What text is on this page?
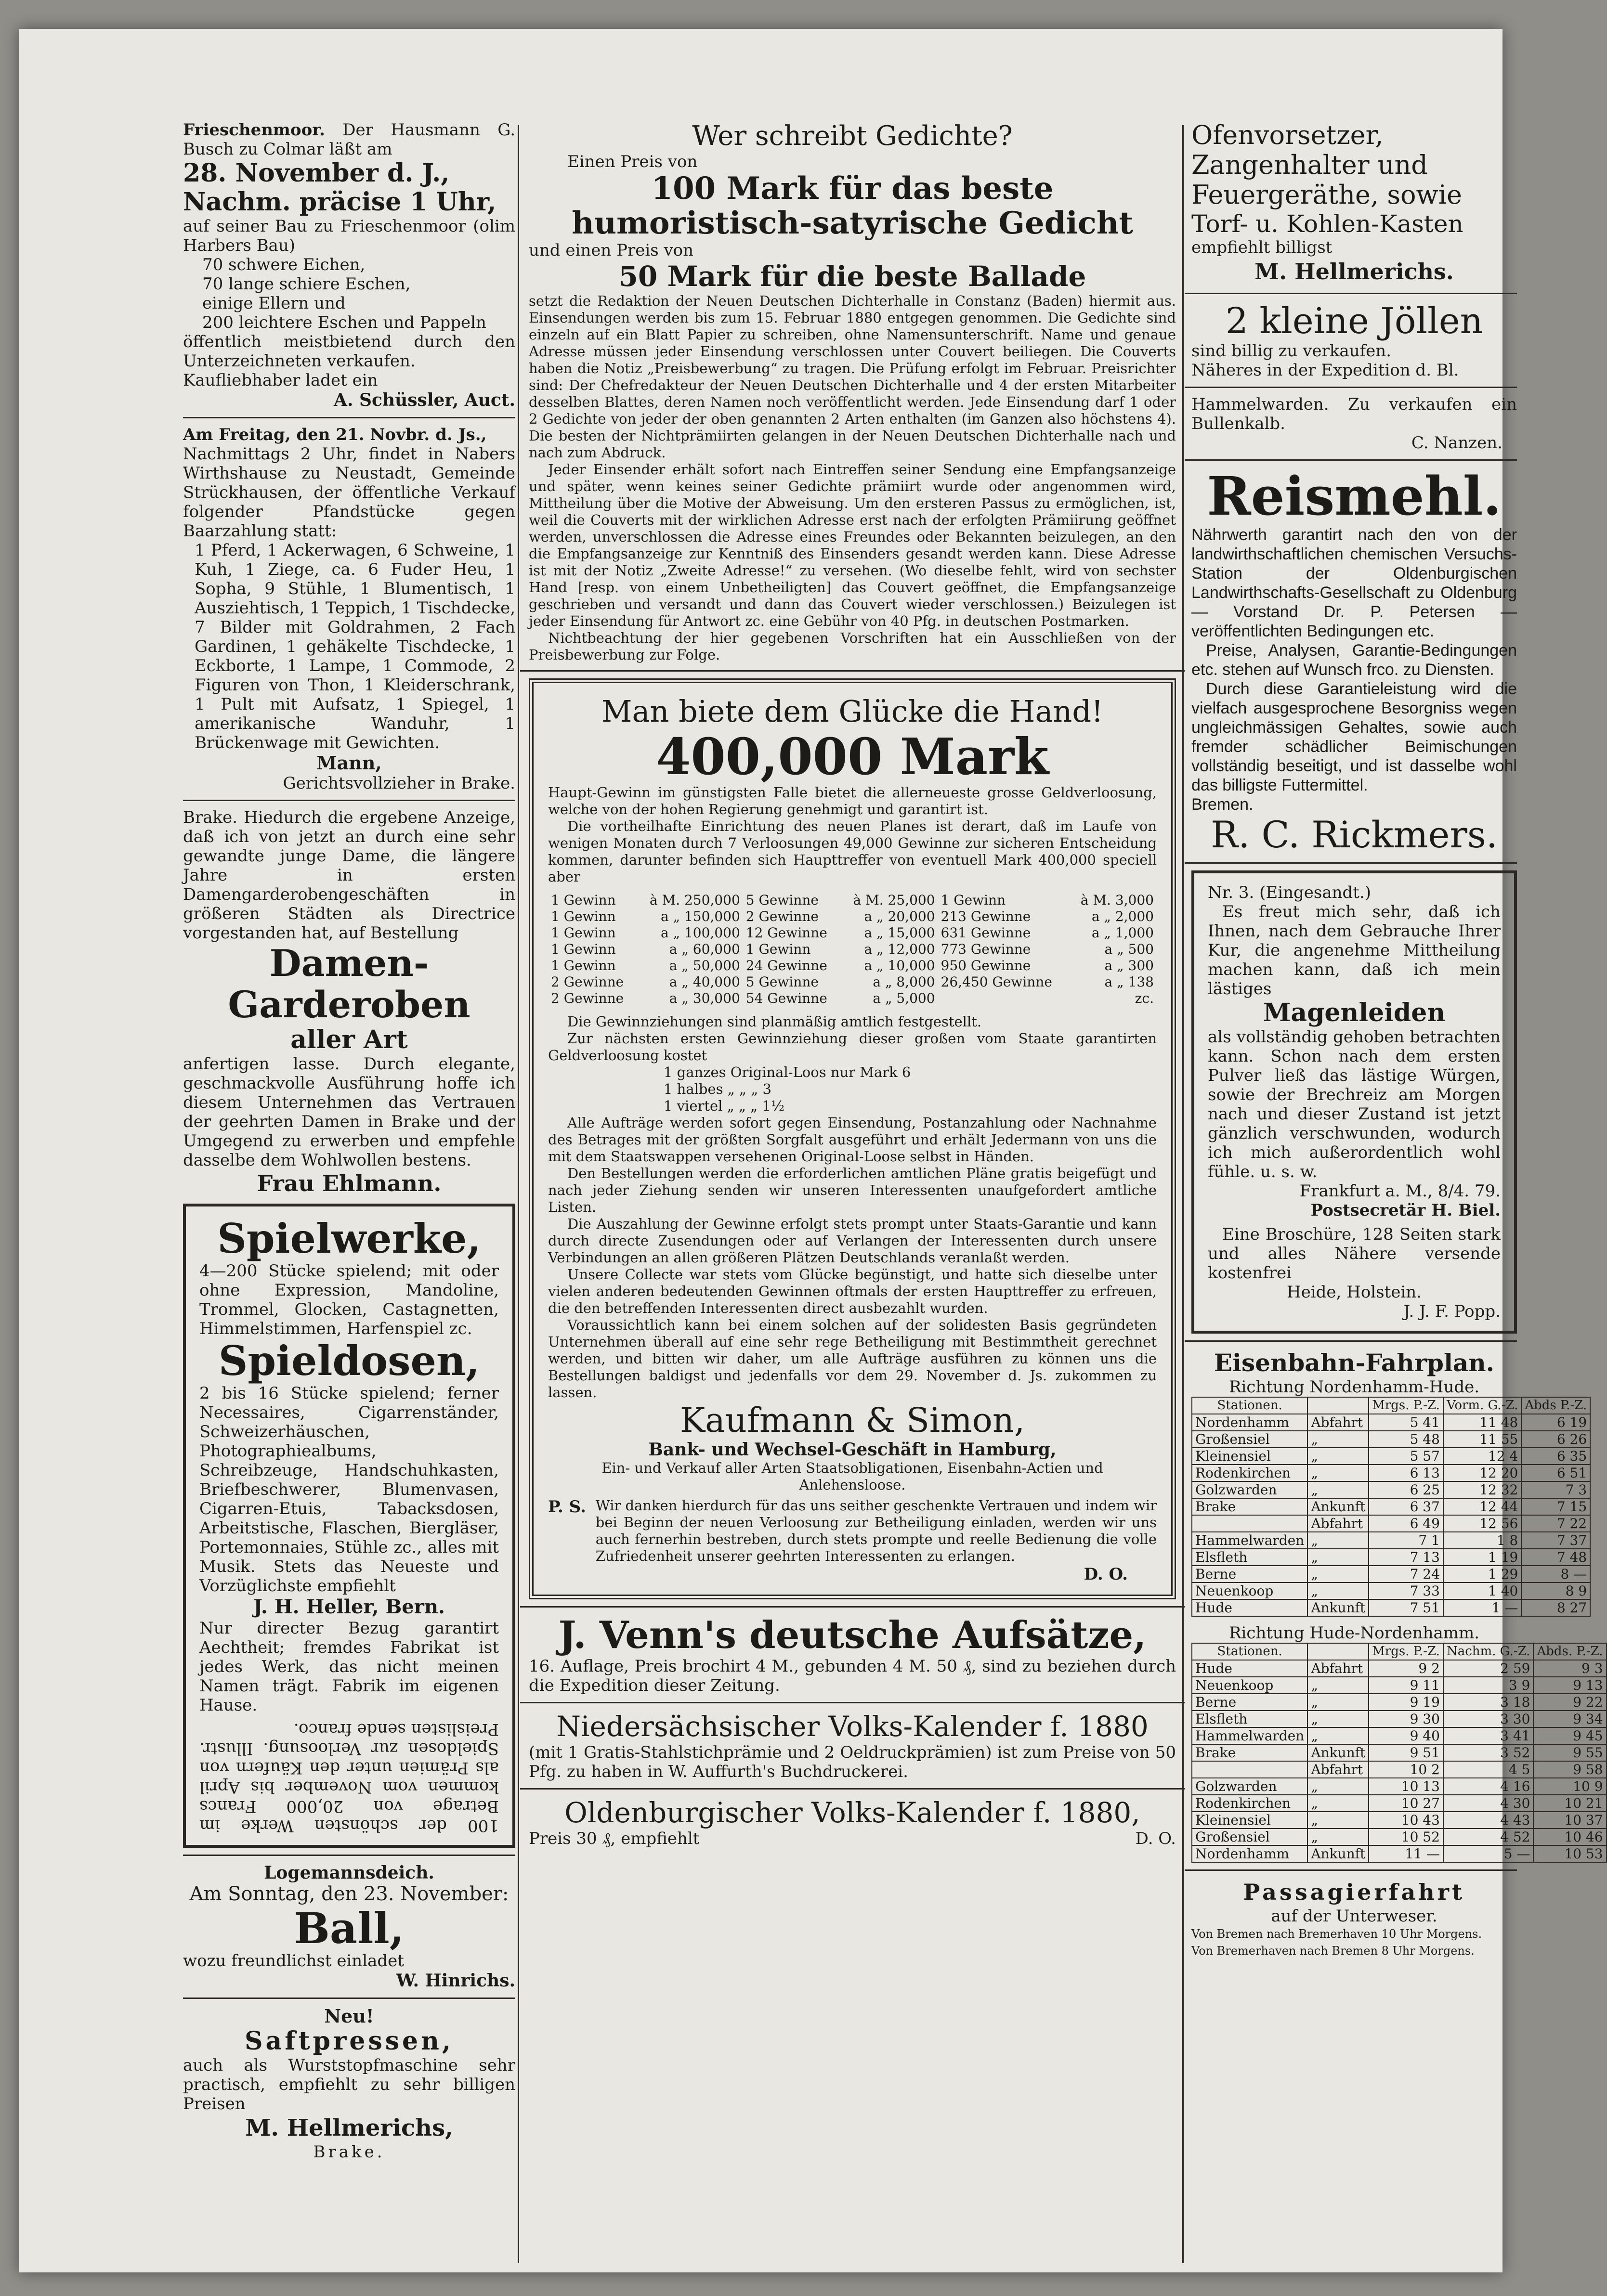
Frieschenmoor. Der Hausmann G. Busch zu Colmar läßt am

28. November d. J.,

Nachm. präcise 1 Uhr,

auf seiner Bau zu Frieschenmoor (olim Harbers Bau)

70 schwere Eichen,

70 lange schiere Eschen,

einige Ellern und

200 leichtere Eschen und Pappeln

öffentlich meistbietend durch den Unterzeichneten verkaufen.

Kaufliebhaber ladet ein

A. Schüssler, Auct.

Am Freitag, den 21. Novbr. d. Js.,

Nachmittags 2 Uhr, findet in Nabers Wirthshause zu Neustadt, Gemeinde Strückhausen, der öffentliche Verkauf folgender Pfandstücke gegen Baarzahlung statt:

1 Pferd, 1 Ackerwagen, 6 Schweine, 1 Kuh, 1 Ziege, ca. 6 Fuder Heu, 1 Sopha, 9 Stühle, 1 Blumentisch, 1 Ausziehtisch, 1 Teppich, 1 Tischdecke, 7 Bilder mit Goldrahmen, 2 Fach Gardinen, 1 gehäkelte Tischdecke, 1 Eckborte, 1 Lampe, 1 Commode, 2 Figuren von Thon, 1 Kleiderschrank, 1 Pult mit Aufsatz, 1 Spiegel, 1 amerikanische Wanduhr, 1 Brückenwage mit Gewichten.

Mann,

Gerichtsvollzieher in Brake.

Brake. Hiedurch die ergebene Anzeige, daß ich von jetzt an durch eine sehr gewandte junge Dame, die längere Jahre in ersten Damengarderobengeschäften in größeren Städten als Directrice vorgestanden hat, auf Bestellung

Damen-Garderoben

aller Art

anfertigen lasse. Durch elegante, geschmackvolle Ausführung hoffe ich diesem Unternehmen das Vertrauen der geehrten Damen in Brake und der Umgegend zu erwerben und empfehle dasselbe dem Wohlwollen bestens.

Frau Ehlmann.

Spielwerke,

4—200 Stücke spielend; mit oder ohne Expression, Mandoline, Trommel, Glocken, Castagnetten, Himmelstimmen, Harfenspiel zc.

Spieldosen,

2 bis 16 Stücke spielend; ferner Necessaires, Cigarrenständer, Schweizerhäuschen, Photographiealbums, Schreibzeuge, Handschuhkasten, Briefbeschwerer, Blumenvasen, Cigarren-Etuis, Tabacksdosen, Arbeitstische, Flaschen, Biergläser, Portemonnaies, Stühle zc., alles mit Musik. Stets das Neueste und Vorzüglichste empfiehlt

J. H. Heller, Bern.

Nur directer Bezug garantirt Aechtheit; fremdes Fabrikat ist jedes Werk, das nicht meinen Namen trägt. Fabrik im eigenen Hause.

100 der schönsten Werke im Betrage von 20,000 Francs kommen vom November bis April als Prämien unter den Käufern von Spieldosen zur Verloosung. Illustr. Preislisten sende franco.

Logemannsdeich.

Am Sonntag, den 23. November:

Ball,

wozu freundlichst einladet

W. Hinrichs.

Neu!

Saftpressen,

auch als Wurststopfmaschine sehr practisch, empfiehlt zu sehr billigen Preisen

M. Hellmerichs,

Brake.

Wer schreibt Gedichte?

Einen Preis von

100 Mark für das beste humoristisch-satyrische Gedicht

und einen Preis von

50 Mark für die beste Ballade

setzt die Redaktion der Neuen Deutschen Dichterhalle in Constanz (Baden) hiermit aus. Einsendungen werden bis zum 15. Februar 1880 entgegen genommen. Die Gedichte sind einzeln auf ein Blatt Papier zu schreiben, ohne Namensunterschrift. Name und genaue Adresse müssen jeder Einsendung verschlossen unter Couvert beiliegen. Die Couverts haben die Notiz „Preisbewerbung“ zu tragen. Die Prüfung erfolgt im Februar. Preisrichter sind: Der Chefredakteur der Neuen Deutschen Dichterhalle und 4 der ersten Mitarbeiter desselben Blattes, deren Namen noch veröffentlicht werden. Jede Einsendung darf 1 oder 2 Gedichte von jeder der oben genannten 2 Arten enthalten (im Ganzen also höchstens 4). Die besten der Nichtprämiirten gelangen in der Neuen Deutschen Dichterhalle nach und nach zum Abdruck.

Jeder Einsender erhält sofort nach Eintreffen seiner Sendung eine Empfangsanzeige und später, wenn keines seiner Gedichte prämiirt wurde oder angenommen wird, Mittheilung über die Motive der Abweisung. Um den ersteren Passus zu ermöglichen, ist, weil die Couverts mit der wirklichen Adresse erst nach der erfolgten Prämiirung geöffnet werden, unverschlossen die Adresse eines Freundes oder Bekannten beizulegen, an den die Empfangsanzeige zur Kenntniß des Einsenders gesandt werden kann. Diese Adresse ist mit der Notiz „Zweite Adresse!“ zu versehen. (Wo dieselbe fehlt, wird von sechster Hand [resp. von einem Unbetheiligten] das Couvert geöffnet, die Empfangsanzeige geschrieben und versandt und dann das Couvert wieder verschlossen.) Beizulegen ist jeder Einsendung für Antwort zc. eine Gebühr von 40 Pfg. in deutschen Postmarken.

Nichtbeachtung der hier gegebenen Vorschriften hat ein Ausschließen von der Preisbewerbung zur Folge.

Man biete dem Glücke die Hand!

400,000 Mark

Haupt-Gewinn im günstigsten Falle bietet die allerneueste grosse Geldverloosung, welche von der hohen Regierung genehmigt und garantirt ist.

Die vortheilhafte Einrichtung des neuen Planes ist derart, daß im Laufe von wenigen Monaten durch 7 Verloosungen 49,000 Gewinne zur sicheren Entscheidung kommen, darunter befinden sich Haupttreffer von eventuell Mark 400,000 speciell aber

1 Gewinn	à M. 250,000	5 Gewinne	à M. 25,000	1 Gewinn	à M. 3,000
1 Gewinn	a „ 150,000	2 Gewinne	a „ 20,000	213 Gewinne	a „ 2,000
1 Gewinn	a „ 100,000	12 Gewinne	a „ 15,000	631 Gewinne	a „ 1,000
1 Gewinn	a „ 60,000	1 Gewinn	a „ 12,000	773 Gewinne	a „ 500
1 Gewinn	a „ 50,000	24 Gewinne	a „ 10,000	950 Gewinne	a „ 300
2 Gewinne	a „ 40,000	5 Gewinne	a „ 8,000	26,450 Gewinne	a „ 138
2 Gewinne	a „ 30,000	54 Gewinne	a „ 5,000		zc.

Die Gewinnziehungen sind planmäßig amtlich festgestellt.

Zur nächsten ersten Gewinnziehung dieser großen vom Staate garantirten Geldverloosung kostet

1 ganzes Original-Loos nur Mark 6

1 halbes „ „ „ 3

1 viertel „ „ „ 1½

Alle Aufträge werden sofort gegen Einsendung, Postanzahlung oder Nachnahme des Betrages mit der größten Sorgfalt ausgeführt und erhält Jedermann von uns die mit dem Staatswappen versehenen Original-Loose selbst in Händen.

Den Bestellungen werden die erforderlichen amtlichen Pläne gratis beigefügt und nach jeder Ziehung senden wir unseren Interessenten unaufgefordert amtliche Listen.

Die Auszahlung der Gewinne erfolgt stets prompt unter Staats-Garantie und kann durch directe Zusendungen oder auf Verlangen der Interessenten durch unsere Verbindungen an allen größeren Plätzen Deutschlands veranlaßt werden.

Unsere Collecte war stets vom Glücke begünstigt, und hatte sich dieselbe unter vielen anderen bedeutenden Gewinnen oftmals der ersten Haupttreffer zu erfreuen, die den betreffenden Interessenten direct ausbezahlt wurden.

Voraussichtlich kann bei einem solchen auf der solidesten Basis gegründeten Unternehmen überall auf eine sehr rege Betheiligung mit Bestimmtheit gerechnet werden, und bitten wir daher, um alle Aufträge ausführen zu können uns die Bestellungen baldigst und jedenfalls vor dem 29. November d. Js. zukommen zu lassen.

Kaufmann & Simon,

Bank- und Wechsel-Geschäft in Hamburg,

Ein- und Verkauf aller Arten Staatsobligationen, Eisenbahn-Actien und Anlehensloose.

P. S. Wir danken hierdurch für das uns seither geschenkte Vertrauen und indem wir bei Beginn der neuen Verloosung zur Betheiligung einladen, werden wir uns auch fernerhin bestreben, durch stets prompte und reelle Bedienung die volle Zufriedenheit unserer geehrten Interessenten zu erlangen.

D. O.

J. Venn's deutsche Aufsätze,

16. Auflage, Preis brochirt 4 M., gebunden 4 M. 50 ₰, sind zu beziehen durch die Expedition dieser Zeitung.

Niedersächsischer Volks-Kalender f. 1880

(mit 1 Gratis-Stahlstichprämie und 2 Oeldruckprämien) ist zum Preise von 50 Pfg. zu haben in W. Auffurth's Buchdruckerei.

Oldenburgischer Volks-Kalender f. 1880,

Preis 30 ₰, empfiehlt	D. O.

Ofenvorsetzer,

Zangenhalter und

Feuergeräthe, sowie

Torf- u. Kohlen-Kasten

empfiehlt billigst

M. Hellmerichs.

2 kleine Jöllen

sind billig zu verkaufen.

Näheres in der Expedition d. Bl.

Hammelwarden. Zu verkaufen ein Bullenkalb.

C. Nanzen.

Reismehl.

Nährwerth garantirt nach den von der landwirthschaftlichen chemischen Versuchs-Station der Oldenburgischen Landwirthschafts-Gesellschaft zu Oldenburg — Vorstand Dr. P. Petersen — veröffentlichten Bedingungen etc.

Preise, Analysen, Garantie-Bedingungen etc. stehen auf Wunsch frco. zu Diensten.

Durch diese Garantieleistung wird die vielfach ausgesprochene Besorgniss wegen ungleichmässigen Gehaltes, sowie auch fremder schädlicher Beimischungen vollständig beseitigt, und ist dasselbe wohl das billigste Futtermittel.

Bremen.

R. C. Rickmers.

Nr. 3. (Eingesandt.)

Es freut mich sehr, daß ich Ihnen, nach dem Gebrauche Ihrer Kur, die angenehme Mittheilung machen kann, daß ich mein lästiges

Magenleiden

als vollständig gehoben betrachten kann. Schon nach dem ersten Pulver ließ das lästige Würgen, sowie der Brechreiz am Morgen nach und dieser Zustand ist jetzt gänzlich verschwunden, wodurch ich mich außerordentlich wohl fühle. u. s. w.

Frankfurt a. M., 8/4. 79.

Postsecretär H. Biel.

Eine Broschüre, 128 Seiten stark und alles Nähere versende kostenfrei

Heide, Holstein.

J. J. F. Popp.

Eisenbahn-Fahrplan.

Richtung Nordenhamm-Hude.

Stationen.		Mrgs. P.-Z.	Vorm. G.-Z.	Abds P.-Z.
Nordenhamm	Abfahrt	5 41	11 48	6 19
Großensiel	„	5 48	11 55	6 26
Kleinensiel	„	5 57	12 4	6 35
Rodenkirchen	„	6 13	12 20	6 51
Golzwarden	„	6 25	12 32	7 3
Brake	Ankunft	6 37	12 44	7 15
	Abfahrt	6 49	12 56	7 22
Hammelwarden	„	7 1	1 8	7 37
Elsfleth	„	7 13	1 19	7 48
Berne	„	7 24	1 29	8 —
Neuenkoop	„	7 33	1 40	8 9
Hude	Ankunft	7 51	1 —	8 27

Richtung Hude-Nordenhamm.

Stationen.		Mrgs. P.-Z.	Nachm. G.-Z.	Abds. P.-Z.
Hude	Abfahrt	9 2	2 59	9 3
Neuenkoop	„	9 11	3 9	9 13
Berne	„	9 19	3 18	9 22
Elsfleth	„	9 30	3 30	9 34
Hammelwarden	„	9 40	3 41	9 45
Brake	Ankunft	9 51	3 52	9 55
	Abfahrt	10 2	4 5	9 58
Golzwarden	„	10 13	4 16	10 9
Rodenkirchen	„	10 27	4 30	10 21
Kleinensiel	„	10 43	4 43	10 37
Großensiel	„	10 52	4 52	10 46
Nordenhamm	Ankunft	11 —	5 —	10 53

Passagierfahrt

auf der Unterweser.

Von Bremen nach Bremerhaven 10 Uhr Morgens.

Von Bremerhaven nach Bremen 8 Uhr Morgens.
